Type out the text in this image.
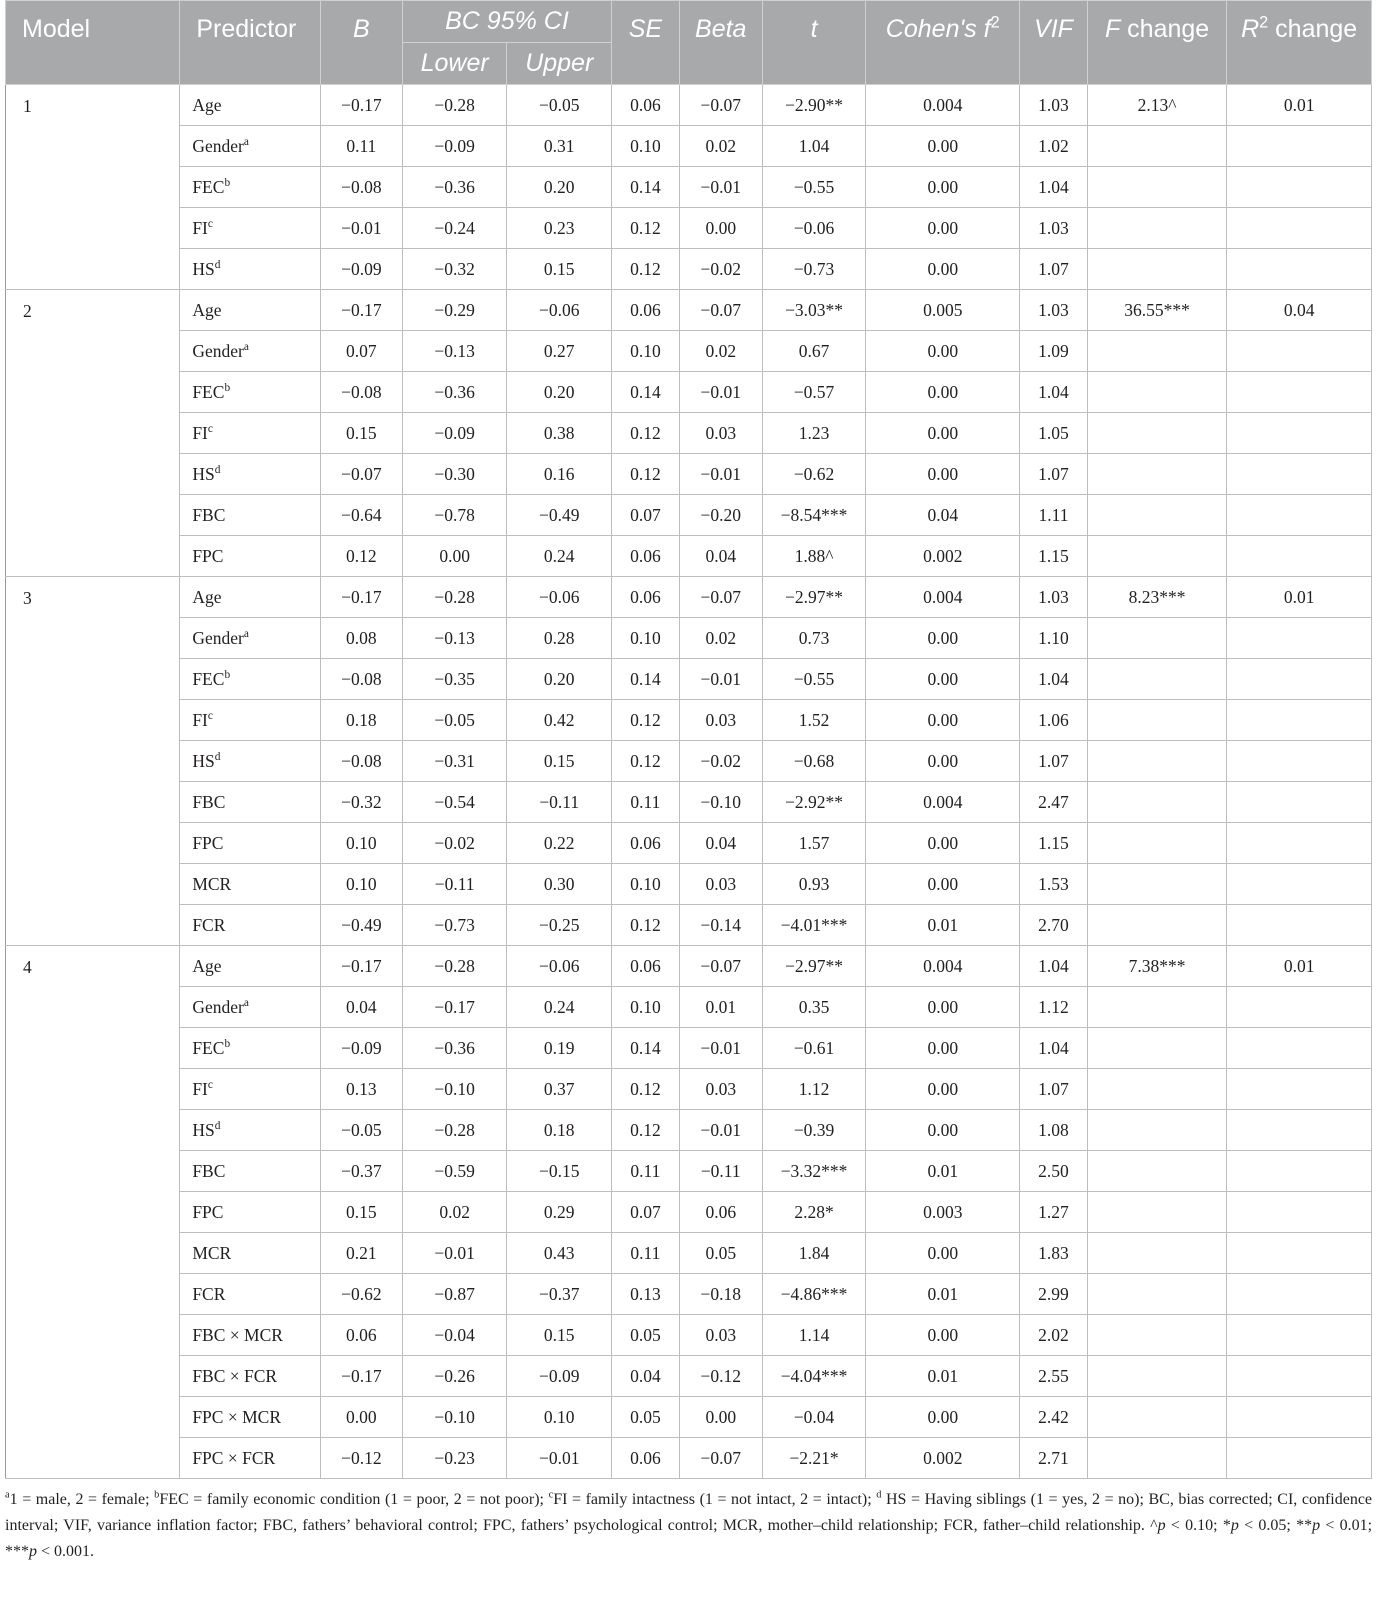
Model	Predictor	B	BC 95% CI		SE	Beta	t	Cohen's $f^2$	VIF	F change	$R^2$ change
			Lower	Upper							
1	Age	−0.17	−0.28	−0.05	0.06	−0.07	−2.90**	0.004	1.03	2.13^	0.01
	Gender$^a$	0.11	−0.09	0.31	0.10	0.02	1.04	0.00	1.02		
	$FEC^b$	−0.08	−0.36	0.20	0.14	−0.01	−0.55	0.00	1.04		
	$FI^c$	−0.01	−0.24	0.23	0.12	0.00	−0.06	0.00	1.03		
	$HS^d$	−0.09	−0.32	0.15	0.12	−0.02	−0.73	0.00	1.07		
2	Age	−0.17	−0.29	−0.06	0.06	−0.07	−3.03**	0.005	1.03	36.55***	0.04
	Gender$^a$	0.07	−0.13	0.27	0.10	0.02	0.67	0.00	1.09		
	$FEC^b$	−0.08	−0.36	0.20	0.14	−0.01	−0.57	0.00	1.04		
	$FI^c$	0.15	−0.09	0.38	0.12	0.03	1.23	0.00	1.05		
	$HS^d$	−0.07	−0.30	0.16	0.12	−0.01	−0.62	0.00	1.07		
	FBC	−0.64	−0.78	−0.49	0.07	−0.20	−8.54***	0.04	1.11		
	FPC	0.12	0.00	0.24	0.06	0.04	1.88^	0.002	1.15		
3	Age	−0.17	−0.28	−0.06	0.06	−0.07	−2.97**	0.004	1.03	8.23***	0.01
	Gender$^a$	0.08	−0.13	0.28	0.10	0.02	0.73	0.00	1.10		
	$FEC^b$	−0.08	−0.35	0.20	0.14	−0.01	−0.55	0.00	1.04		
	$FI^c$	0.18	−0.05	0.42	0.12	0.03	1.52	0.00	1.06		
	$HS^d$	−0.08	−0.31	0.15	0.12	−0.02	−0.68	0.00	1.07		
	FBC	−0.32	−0.54	−0.11	0.11	−0.10	−2.92**	0.004	2.47		
	FPC	0.10	−0.02	0.22	0.06	0.04	1.57	0.00	1.15		
	MCR	0.10	−0.11	0.30	0.10	0.03	0.93	0.00	1.53		
	FCR	−0.49	−0.73	−0.25	0.12	−0.14	−4.01***	0.01	2.70		
4	Age	−0.17	−0.28	−0.06	0.06	−0.07	−2.97**	0.004	1.04	7.38***	0.01
	Gender$^a$	0.04	−0.17	0.24	0.10	0.01	0.35	0.00	1.12		
	$FEC^b$	−0.09	−0.36	0.19	0.14	−0.01	−0.61	0.00	1.04		
	$FI^c$	0.13	−0.10	0.37	0.12	0.03	1.12	0.00	1.07		
	$HS^d$	−0.05	−0.28	0.18	0.12	−0.01	−0.39	0.00	1.08		
	FBC	−0.37	−0.59	−0.15	0.11	−0.11	−3.32***	0.01	2.50		
	FPC	0.15	0.02	0.29	0.07	0.06	2.28*	0.003	1.27		
	MCR	0.21	−0.01	0.43	0.11	0.05	1.84	0.00	1.83		
	FCR	−0.62	−0.87	−0.37	0.13	−0.18	−4.86***	0.01	2.99		
	FBC × MCR	0.06	−0.04	0.15	0.05	0.03	1.14	0.00	2.02		
	FBC × FCR	−0.17	−0.26	−0.09	0.04	−0.12	−4.04***	0.01	2.55		
	FPC × MCR	0.00	−0.10	0.10	0.05	0.00	−0.04	0.00	2.42		
	FPC × FCR	−0.12	−0.23	−0.01	0.06	−0.07	−2.21*	0.002	2.71		
$^a$1 = male, 2 = female; $^b$FEC = family economic condition (1 = poor, 2 = not poor); $^c$FI = family intactness (1 = not intact, 2 = intact); $^d$ HS = Having siblings (1 = yes, 2 = no); BC, bias corrected; CI, confidence interval; VIF, variance inflation factor; FBC, fathers’ behavioral control; FPC, fathers’ psychological control; MCR, mother–child relationship; FCR, father–child relationship. ^p < 0.10; *p < 0.05; **p < 0.01; ***p < 0.001.
